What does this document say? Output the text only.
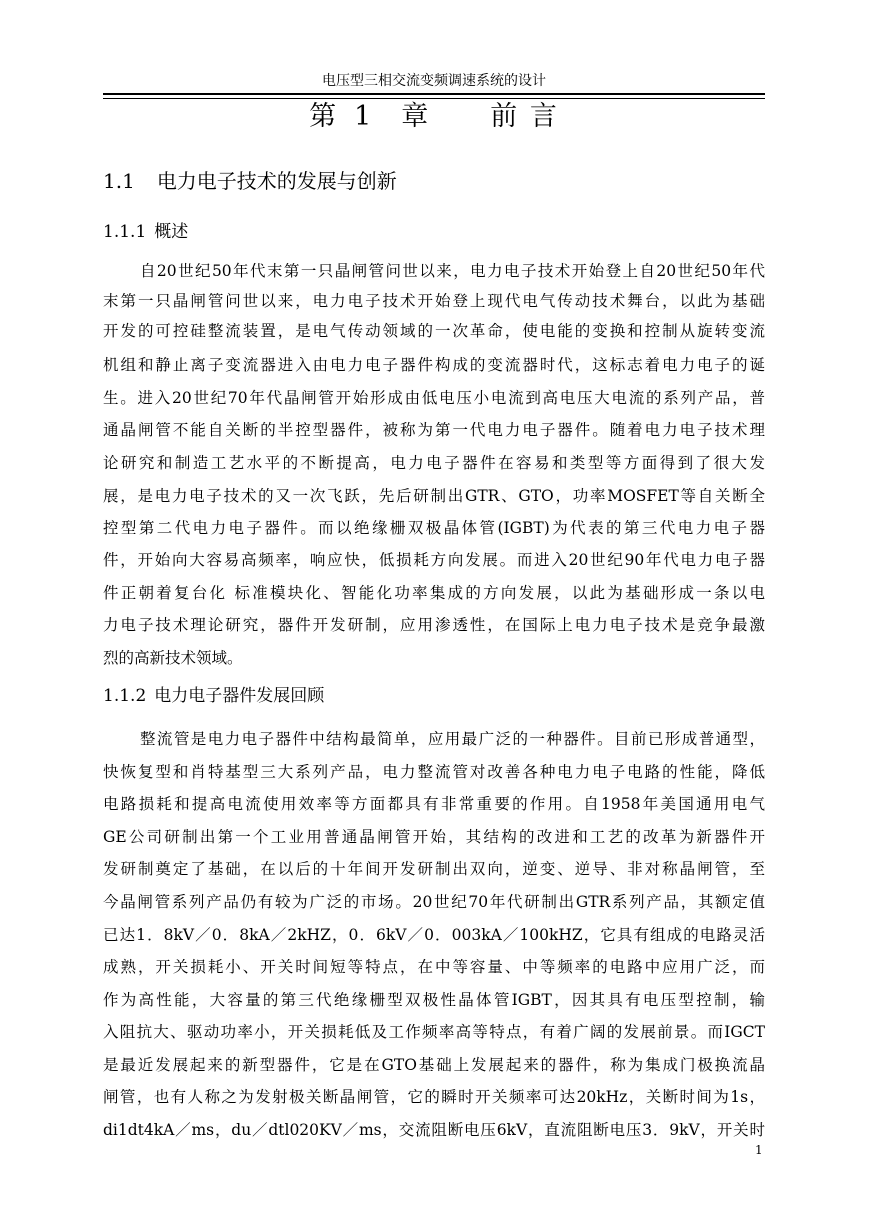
电压型三相交流变频调速系统的设计
第 1 章 前 言
1.1 电力电子技术的发展与创新
1.1.1 概述
自20世纪50年代末第一只晶闸管问世以来，电力电子技术开始登上自20世纪50年代
末第一只晶闸管问世以来，电力电子技术开始登上现代电气传动技术舞台，以此为基础
开发的可控硅整流装置，是电气传动领域的一次革命，使电能的变换和控制从旋转变流
机组和静止离子变流器进入由电力电子器件构成的变流器时代，这标志着电力电子的诞
生。进入20世纪70年代晶闸管开始形成由低电压小电流到高电压大电流的系列产品，普
通晶闸管不能自关断的半控型器件，被称为第一代电力电子器件。随着电力电子技术理
论研究和制造工艺水平的不断提高，电力电子器件在容易和类型等方面得到了很大发
展，是电力电子技术的又一次飞跃，先后研制出GTR、GTO，功率MOSFET等自关断全
控型第二代电力电子器件。而以绝缘栅双极晶体管(IGBT)为代表的第三代电力电子器
件，开始向大容易高频率，响应快，低损耗方向发展。而进入20世纪90年代电力电子器
件正朝着复台化 标准模块化、智能化功率集成的方向发展，以此为基础形成一条以电
力电子技术理论研究，器件开发研制，应用渗透性，在国际上电力电子技术是竞争最激
烈的高新技术领域。
1.1.2 电力电子器件发展回顾
整流管是电力电子器件中结构最简单，应用最广泛的一种器件。目前已形成普通型，
快恢复型和肖特基型三大系列产品，电力整流管对改善各种电力电子电路的性能，降低
电路损耗和提高电流使用效率等方面都具有非常重要的作用。自1958年美国通用电气
GE公司研制出第一个工业用普通晶闸管开始，其结构的改进和工艺的改革为新器件开
发研制奠定了基础，在以后的十年间开发研制出双向，逆变、逆导、非对称晶闸管，至
今晶闸管系列产品仍有较为广泛的市场。20世纪70年代研制出GTR系列产品，其额定值
已达1．8kV／0．8kA／2kHZ，0．6kV／0．003kA／100kHZ，它具有组成的电路灵活
成熟，开关损耗小、开关时间短等特点，在中等容量、中等频率的电路中应用广泛，而
作为高性能，大容量的第三代绝缘栅型双极性晶体管IGBT，因其具有电压型控制，输
入阻抗大、驱动功率小，开关损耗低及工作频率高等特点，有着广阔的发展前景。而IGCT
是最近发展起来的新型器件，它是在GTO基础上发展起来的器件，称为集成门极换流晶
闸管，也有人称之为发射极关断晶闸管，它的瞬时开关频率可达20kHz，关断时间为1s，
di1dt4kA／ms，du／dtl020KV／ms，交流阻断电压6kV，直流阻断电压3．9kV，开关时
1
